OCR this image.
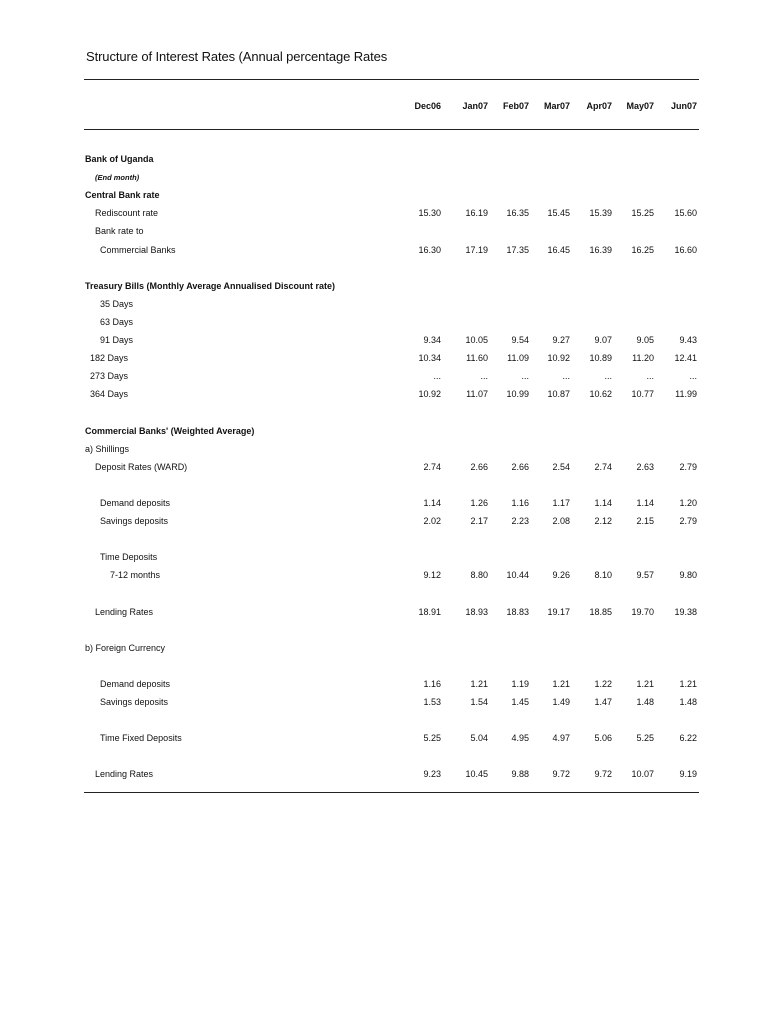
Structure of Interest Rates (Annual percentage Rates
Dec06	Jan07	Feb07	Mar07	Apr07	May07	Jun07
Bank of Uganda
(End month)
Central Bank rate
Rediscount rate	15.30	16.19	16.35	15.45	15.39	15.25	15.60
Bank rate to
Commercial Banks	16.30	17.19	17.35	16.45	16.39	16.25	16.60
Treasury Bills (Monthly Average Annualised Discount rate)
35 Days
63 Days
91 Days	9.34	10.05	9.54	9.27	9.07	9.05	9.43
182 Days	10.34	11.60	11.09	10.92	10.89	11.20	12.41
273 Days	...	...	...	...	...	...	...
364 Days	10.92	11.07	10.99	10.87	10.62	10.77	11.99
Commercial Banks' (Weighted Average)
a) Shillings
Deposit Rates (WARD)	2.74	2.66	2.66	2.54	2.74	2.63	2.79
Demand deposits	1.14	1.26	1.16	1.17	1.14	1.14	1.20
Savings deposits	2.02	2.17	2.23	2.08	2.12	2.15	2.79
Time Deposits
7-12 months	9.12	8.80	10.44	9.26	8.10	9.57	9.80
Lending Rates	18.91	18.93	18.83	19.17	18.85	19.70	19.38
b) Foreign Currency
Demand deposits	1.16	1.21	1.19	1.21	1.22	1.21	1.21
Savings deposits	1.53	1.54	1.45	1.49	1.47	1.48	1.48
Time Fixed Deposits	5.25	5.04	4.95	4.97	5.06	5.25	6.22
Lending Rates	9.23	10.45	9.88	9.72	9.72	10.07	9.19
